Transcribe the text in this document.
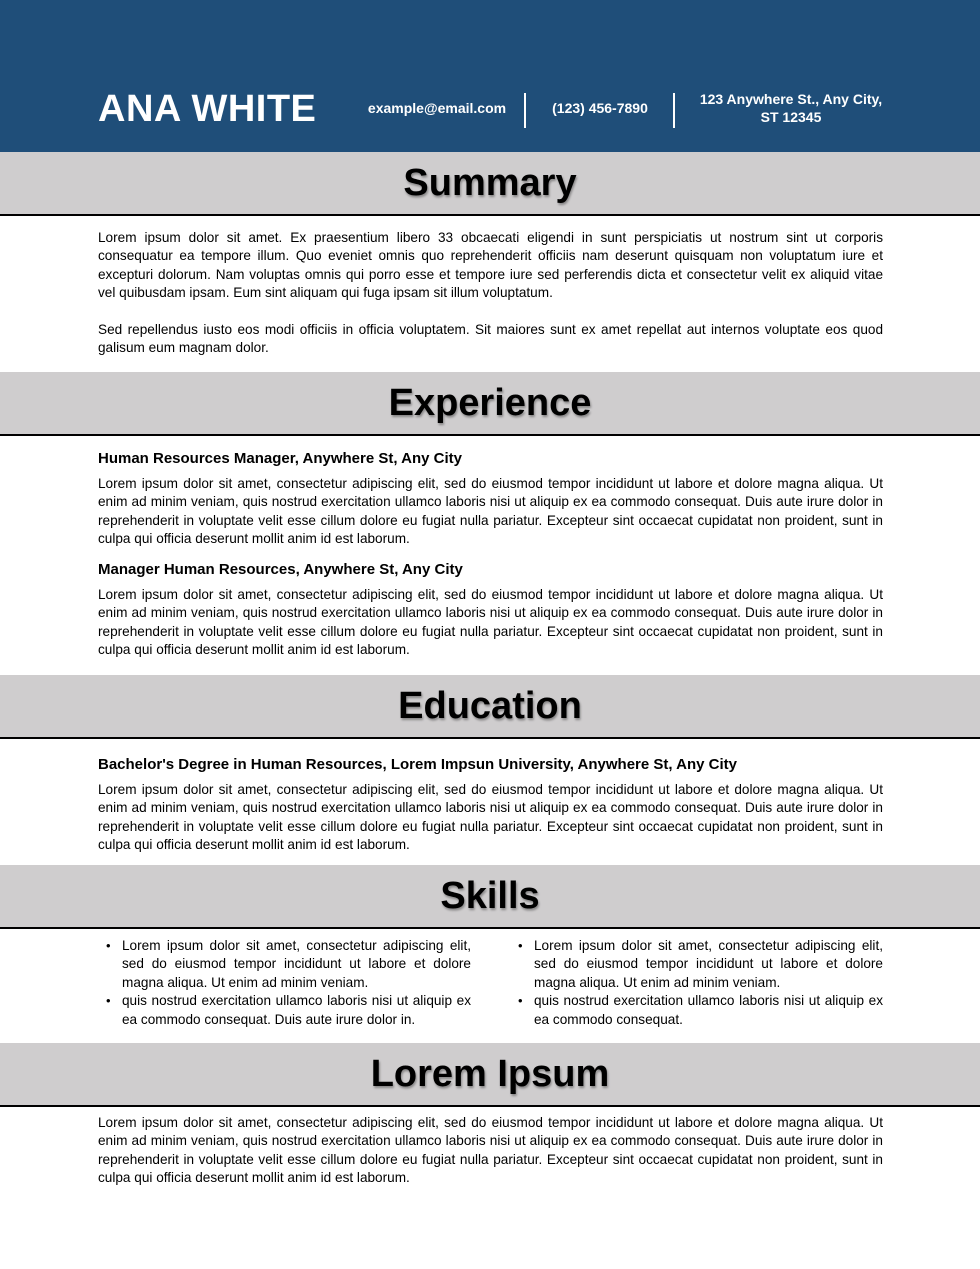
ANA WHITE	example@email.com	(123) 456-7890
123 Anywhere St., Any City,
ST 12345
Summary

Lorem ipsum dolor sit amet. Ex praesentium libero 33 obcaecati eligendi in sunt perspiciatis ut nostrum sint ut corporis consequatur ea tempore illum. Quo eveniet omnis quo reprehenderit officiis nam deserunt quisquam non voluptatum iure et excepturi dolorum. Nam voluptas omnis qui porro esse et tempore iure sed perferendis dicta et consectetur velit ex aliquid vitae vel quibusdam ipsam. Eum sint aliquam qui fuga ipsam sit illum voluptatum.

Sed repellendus iusto eos modi officiis in officia voluptatem. Sit maiores sunt ex amet repellat aut internos voluptate eos quod galisum eum magnam dolor.

Experience
Human Resources Manager, Anywhere St, Any City

Lorem ipsum dolor sit amet, consectetur adipiscing elit, sed do eiusmod tempor incididunt ut labore et dolore magna aliqua. Ut enim ad minim veniam, quis nostrud exercitation ullamco laboris nisi ut aliquip ex ea commodo consequat. Duis aute irure dolor in reprehenderit in voluptate velit esse cillum dolore eu fugiat nulla pariatur. Excepteur sint occaecat cupidatat non proident, sunt in culpa qui officia deserunt mollit anim id est laborum.

Manager Human Resources, Anywhere St, Any City

Lorem ipsum dolor sit amet, consectetur adipiscing elit, sed do eiusmod tempor incididunt ut labore et dolore magna aliqua. Ut enim ad minim veniam, quis nostrud exercitation ullamco laboris nisi ut aliquip ex ea commodo consequat. Duis aute irure dolor in reprehenderit in voluptate velit esse cillum dolore eu fugiat nulla pariatur. Excepteur sint occaecat cupidatat non proident, sunt in culpa qui officia deserunt mollit anim id est laborum.

Education
Bachelor's Degree in Human Resources, Lorem Impsun University, Anywhere St, Any City

Lorem ipsum dolor sit amet, consectetur adipiscing elit, sed do eiusmod tempor incididunt ut labore et dolore magna aliqua. Ut enim ad minim veniam, quis nostrud exercitation ullamco laboris nisi ut aliquip ex ea commodo consequat. Duis aute irure dolor in reprehenderit in voluptate velit esse cillum dolore eu fugiat nulla pariatur. Excepteur sint occaecat cupidatat non proident, sunt in culpa qui officia deserunt mollit anim id est laborum.

Skills
• Lorem ipsum dolor sit amet, consectetur adipiscing elit, sed do eiusmod tempor incididunt ut labore et dolore magna aliqua. Ut enim ad minim veniam.
• quis nostrud exercitation ullamco laboris nisi ut aliquip ex ea commodo consequat. Duis aute irure dolor in.
• Lorem ipsum dolor sit amet, consectetur adipiscing elit, sed do eiusmod tempor incididunt ut labore et dolore magna aliqua. Ut enim ad minim veniam.
• quis nostrud exercitation ullamco laboris nisi ut aliquip ex ea commodo consequat.
Lorem Ipsum

Lorem ipsum dolor sit amet, consectetur adipiscing elit, sed do eiusmod tempor incididunt ut labore et dolore magna aliqua. Ut enim ad minim veniam, quis nostrud exercitation ullamco laboris nisi ut aliquip ex ea commodo consequat. Duis aute irure dolor in reprehenderit in voluptate velit esse cillum dolore eu fugiat nulla pariatur. Excepteur sint occaecat cupidatat non proident, sunt in culpa qui officia deserunt mollit anim id est laborum.
